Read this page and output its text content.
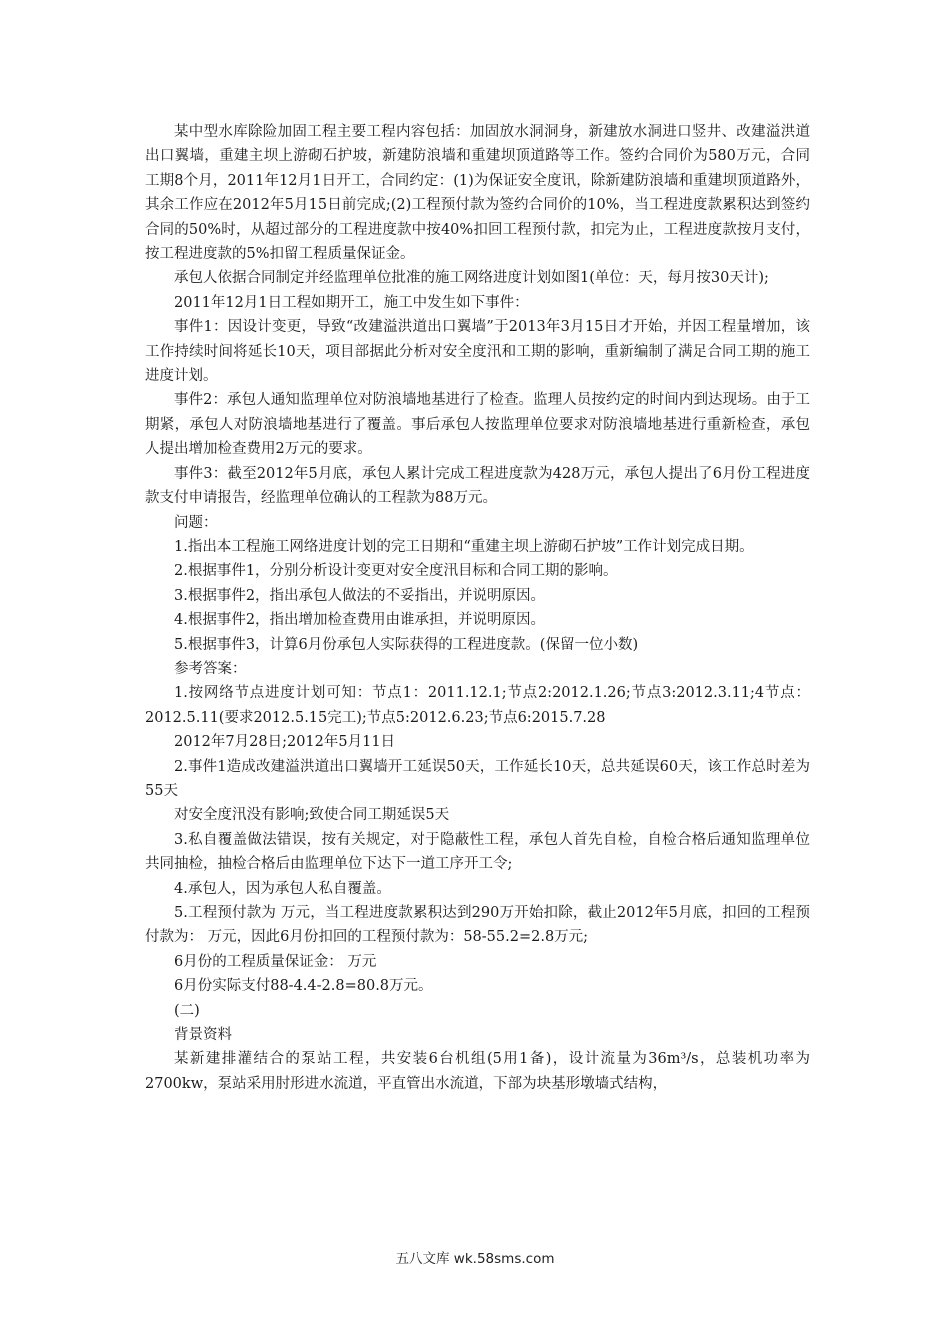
某中型水库除险加固工程主要工程内容包括：加固放水洞洞身，新建放水洞进口竖井、改建溢洪道出口翼墙，重建主坝上游砌石护坡，新建防浪墙和重建坝顶道路等工作。签约合同价为580万元，合同工期8个月，2011年12月1日开工，合同约定：(1)为保证安全度讯，除新建防浪墙和重建坝顶道路外，其余工作应在2012年5月15日前完成;(2)工程预付款为签约合同价的10%，当工程进度款累积达到签约合同的50%时，从超过部分的工程进度款中按40%扣回工程预付款，扣完为止，工程进度款按月支付，按工程进度款的5%扣留工程质量保证金。

承包人依据合同制定并经监理单位批准的施工网络进度计划如图1(单位：天，每月按30天计);

2011年12月1日工程如期开工，施工中发生如下事件：

事件1：因设计变更，导致“改建溢洪道出口翼墙”于2013年3月15日才开始，并因工程量增加，该工作持续时间将延长10天，项目部据此分析对安全度汛和工期的影响，重新编制了满足合同工期的施工进度计划。

事件2：承包人通知监理单位对防浪墙地基进行了检查。监理人员按约定的时间内到达现场。由于工期紧，承包人对防浪墙地基进行了覆盖。事后承包人按监理单位要求对防浪墙地基进行重新检查，承包人提出增加检查费用2万元的要求。

事件3：截至2012年5月底，承包人累计完成工程进度款为428万元，承包人提出了6月份工程进度款支付申请报告，经监理单位确认的工程款为88万元。

问题：

1.指出本工程施工网络进度计划的完工日期和“重建主坝上游砌石护坡”工作计划完成日期。

2.根据事件1，分别分析设计变更对安全度汛目标和合同工期的影响。

3.根据事件2，指出承包人做法的不妥指出，并说明原因。

4.根据事件2，指出增加检查费用由谁承担，并说明原因。

5.根据事件3，计算6月份承包人实际获得的工程进度款。(保留一位小数)

参考答案：

1.按网络节点进度计划可知：节点1：2011.12.1;节点2:2012.1.26;节点3:2012.3.11;4节点：2012.5.11(要求2012.5.15完工);节点5:2012.6.23;节点6:2015.7.28

2012年7月28日;2012年5月11日

2.事件1造成改建溢洪道出口翼墙开工延误50天，工作延长10天，总共延误60天，该工作总时差为55天

对安全度汛没有影响;致使合同工期延误5天

3.私自覆盖做法错误，按有关规定，对于隐蔽性工程，承包人首先自检，自检合格后通知监理单位共同抽检，抽检合格后由监理单位下达下一道工序开工令;

4.承包人，因为承包人私自覆盖。

5.工程预付款为 万元，当工程进度款累积达到290万开始扣除，截止2012年5月底，扣回的工程预付款为： 万元，因此6月份扣回的工程预付款为：58-55.2=2.8万元;

6月份的工程质量保证金： 万元

6月份实际支付88-4.4-2.8=80.8万元。

(二)

背景资料

某新建排灌结合的泵站工程，共安装6台机组(5用1备)，设计流量为36m³/s，总装机功率为2700kw，泵站采用肘形进水流道，平直管出水流道，下部为块基形墩墙式结构，

五八文库 wk.58sms.com
